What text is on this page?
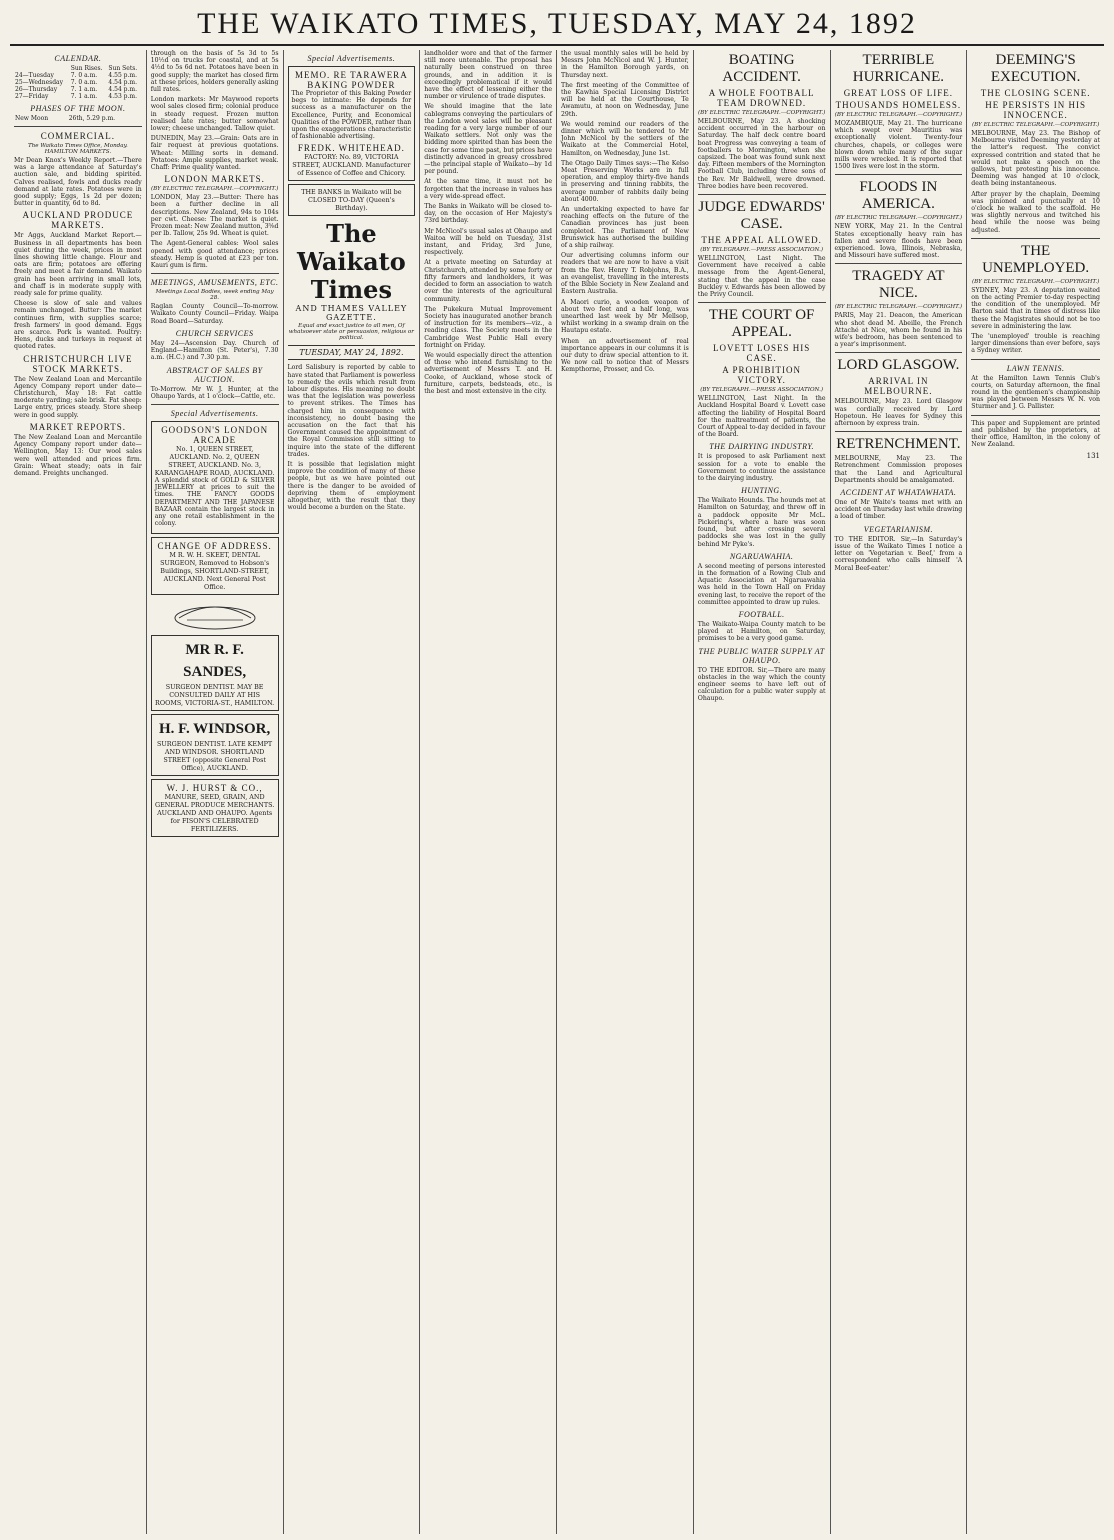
THE WAIKATO TIMES, TUESDAY, MAY 24, 1892
CALENDAR.
	Sun Rises.	Sun Sets.
24—Tuesday	7. 0 a.m.	4.55 p.m.
25—Wednesday	7. 0 a.m.	4.54 p.m.
26—Thursday	7. 1 a.m.	4.54 p.m.
27—Friday	7. 1 a.m.	4.53 p.m.
PHASES OF THE MOON.
New Moon	26th, 5.29 p.m.
COMMERCIAL.
The Waikato Times Office, Monday. HAMILTON MARKETS.

Mr Dean Knox's Weekly Report.—There was a large attendance at Saturday's auction sale, and bidding spirited. Calves realised, fowls and ducks ready demand at late rates. Potatoes were in good supply; Eggs, 1s 2d per dozen; butter in quantity, 6d to 8d.

AUCKLAND PRODUCE MARKETS.

Mr Aggs, Auckland Market Report.—Business in all departments has been quiet during the week, prices in most lines showing little change. Flour and oats are firm; potatoes are offering freely and meet a fair demand. Waikato grain has been arriving in small lots, and chaff is in moderate supply with ready sale for prime quality.

Cheese is slow of sale and values remain unchanged. Butter: The market continues firm, with supplies scarce; fresh farmers' in good demand. Eggs are scarce. Pork is wanted. Poultry: Hens, ducks and turkeys in request at quoted rates.

CHRISTCHURCH LIVE STOCK MARKETS.

The New Zealand Loan and Mercantile Agency Company report under date—Christchurch, May 18: Fat cattle moderate yarding; sale brisk. Fat sheep: Large entry, prices steady. Store sheep were in good supply.

MARKET REPORTS.

The New Zealand Loan and Mercantile Agency Company report under date—Wellington, May 13: Our wool sales were well attended and prices firm. Grain: Wheat steady; oats in fair demand. Freights unchanged.

through on the basis of 5s 3d to 5s 10½d on trucks for coastal, and at 5s 4½d to 5s 6d net. Potatoes have been in good supply; the market has closed firm at these prices, holders generally asking full rates.

London markets: Mr Maywood reports wool sales closed firm; colonial produce in steady request. Frozen mutton realised late rates; butter somewhat lower; cheese unchanged. Tallow quiet.

DUNEDIN, May 23.—Grain: Oats are in fair request at previous quotations. Wheat: Milling sorts in demand. Potatoes: Ample supplies, market weak. Chaff: Prime quality wanted.

LONDON MARKETS.
(BY ELECTRIC TELEGRAPH.—COPYRIGHT.)

LONDON, May 23.—Butter: There has been a further decline in all descriptions. New Zealand, 94s to 104s per cwt. Cheese: The market is quiet. Frozen meat: New Zealand mutton, 3⅝d per lb. Tallow, 25s 9d. Wheat is quiet.

The Agent-General cables: Wool sales opened with good attendance; prices steady. Hemp is quoted at £23 per ton. Kauri gum is firm.

MEETINGS, AMUSEMENTS, ETC.
Meetings Local Bodies, week ending May 28.

Raglan County Council—To-morrow. Waikato County Council—Friday. Waipa Road Board—Saturday.

CHURCH SERVICES

May 24—Ascension Day. Church of England—Hamilton (St. Peter's), 7.30 a.m. (H.C.) and 7.30 p.m.

ABSTRACT OF SALES BY AUCTION.

To-Morrow. Mr W. J. Hunter, at the Ohaupo Yards, at 1 o'clock—Cattle, etc.

Special Advertisements.
GOODSON'S LONDON ARCADE
No. 1, QUEEN STREET, AUCKLAND. No. 2, QUEEN STREET, AUCKLAND. No. 3, KARANGAHAPE ROAD, AUCKLAND.

A splendid stock of GOLD & SILVER JEWELLERY at prices to suit the times. THE FANCY GOODS DEPARTMENT AND THE JAPANESE BAZAAR contain the largest stock in any one retail establishment in the colony.

CHANGE OF ADDRESS.
M R. W. H. SKEET, DENTAL SURGEON, Removed to Hobson's Buildings, SHORTLAND-STREET, AUCKLAND. Next General Post Office.
MR R. F. SANDES,
SURGEON DENTIST. MAY BE CONSULTED DAILY AT HIS ROOMS, VICTORIA-ST., HAMILTON.
H. F. WINDSOR,
SURGEON DENTIST. LATE KEMPT AND WINDSOR. SHORTLAND STREET (opposite General Post Office), AUCKLAND.
W. J. HURST & CO.,
MANURE, SEED, GRAIN, AND GENERAL PRODUCE MERCHANTS. AUCKLAND AND OHAUPO. Agents for FISON'S CELEBRATED FERTILIZERS.
Special Advertisements.
MEMO. RE TARAWERA BAKING POWDER

The Proprietor of this Baking Powder begs to intimate: He depends for success as a manufacturer on the Excellence, Purity, and Economical Qualities of the POWDER, rather than upon the exaggerations characteristic of fashionable advertising.

FREDK. WHITEHEAD.
FACTORY: No. 89, VICTORIA STREET, AUCKLAND. Manufacturer of Essence of Coffee and Chicory.
THE BANKS in Waikato will be CLOSED TO-DAY (Queen's Birthday).
The Waikato Times
AND THAMES VALLEY GAZETTE.
Equal and exact justice to all men, Of whatsoever state or persuasion, religious or political.
TUESDAY, MAY 24, 1892.

Lord Salisbury is reported by cable to have stated that Parliament is powerless to remedy the evils which result from labour disputes. His meaning no doubt was that the legislation was powerless to prevent strikes. The Times has charged him in consequence with inconsistency, no doubt basing the accusation on the fact that his Government caused the appointment of the Royal Commission still sitting to inquire into the state of the different trades.

It is possible that legislation might improve the condition of many of these people, but as we have pointed out there is the danger to be avoided of depriving them of employment altogether, with the result that they would become a burden on the State.

landholder wore and that of the farmer still more untenable. The proposal has naturally been construed on three grounds, and in addition it is exceedingly problematical if it would have the effect of lessening either the number or virulence of trade disputes.

We should imagine that the late cablegrams conveying the particulars of the London wool sales will be pleasant reading for a very large number of our Waikato settlers. Not only was the bidding more spirited than has been the case for some time past, but prices have distinctly advanced in greasy crossbred—the principal staple of Waikato—by 1d per pound.

At the same time, it must not be forgotten that the increase in values has a very wide-spread effect.

The Banks in Waikato will be closed to-day, on the occasion of Her Majesty's 73rd birthday.

Mr McNicol's usual sales at Ohaupo and Waitoa will be held on Tuesday, 31st instant, and Friday, 3rd June, respectively.

At a private meeting on Saturday at Christchurch, attended by some forty or fifty farmers and landholders, it was decided to form an association to watch over the interests of the agricultural community.

The Pukekura Mutual Improvement Society has inaugurated another branch of instruction for its members—viz., a reading class. The Society meets in the Cambridge West Public Hall every fortnight on Friday.

We would especially direct the attention of those who intend furnishing to the advertisement of Messrs T. and H. Cooke, of Auckland, whose stock of furniture, carpets, bedsteads, etc., is the best and most extensive in the city.

the usual monthly sales will be held by Messrs John McNicol and W. J. Hunter, in the Hamilton Borough yards, on Thursday next.

The first meeting of the Committee of the Kawhia Special Licensing District will be held at the Courthouse, Te Awamutu, at noon on Wednesday, June 29th.

We would remind our readers of the dinner which will be tendered to Mr John McNicol by the settlers of the Waikato at the Commercial Hotel, Hamilton, on Wednesday, June 1st.

The Otago Daily Times says:—The Kelso Meat Preserving Works are in full operation, and employ thirty-five hands in preserving and tinning rabbits, the average number of rabbits daily being about 4000.

An undertaking expected to have far reaching effects on the future of the Canadian provinces has just been completed. The Parliament of New Brunswick has authorised the building of a ship railway.

Our advertising columns inform our readers that we are now to have a visit from the Rev. Henry T. Robjohns, B.A., an evangelist, travelling in the interests of the Bible Society in New Zealand and Eastern Australia.

A Maori curio, a wooden weapon of about two feet and a half long, was unearthed last week by Mr Mellsop, whilst working in a swamp drain on the Hautapu estate.

When an advertisement of real importance appears in our columns it is our duty to draw special attention to it. We now call to notice that of Messrs Kempthorne, Prosser, and Co.

BOATING ACCIDENT.
A WHOLE FOOTBALL TEAM DROWNED.
(BY ELECTRIC TELEGRAPH.—COPYRIGHT.)

MELBOURNE, May 23. A shocking accident occurred in the harbour on Saturday. The half deck centre board boat Progress was conveying a team of footballers to Mornington, when she capsized. The boat was found sunk next day. Fifteen members of the Mornington Football Club, including three sons of the Rev. Mr Baldwell, were drowned. Three bodies have been recovered.

JUDGE EDWARDS' CASE.
THE APPEAL ALLOWED.
(BY TELEGRAPH.—PRESS ASSOCIATION.)

WELLINGTON, Last Night. The Government have received a cable message from the Agent-General, stating that the appeal in the case Buckley v. Edwards has been allowed by the Privy Council.

THE COURT OF APPEAL.
LOVETT LOSES HIS CASE.
A PROHIBITION VICTORY.
(BY TELEGRAPH.—PRESS ASSOCIATION.)

WELLINGTON, Last Night. In the Auckland Hospital Board v. Lovett case affecting the liability of Hospital Board for the maltreatment of patients, the Court of Appeal to-day decided in favour of the Board.

THE DAIRYING INDUSTRY.

It is proposed to ask Parliament next session for a vote to enable the Government to continue the assistance to the dairying industry.

HUNTING.

The Waikato Hounds. The hounds met at Hamilton on Saturday, and threw off in a paddock opposite Mr McL. Pickering's, where a hare was soon found, but after crossing several paddocks she was lost in the gully behind Mr Pyke's.

NGARUAWAHIA.

A second meeting of persons interested in the formation of a Rowing Club and Aquatic Association at Ngaruawahia was held in the Town Hall on Friday evening last, to receive the report of the committee appointed to draw up rules.

FOOTBALL.

The Waikato-Waipa County match to be played at Hamilton, on Saturday, promises to be a very good game.

THE PUBLIC WATER SUPPLY AT OHAUPO.

TO THE EDITOR. Sir,—There are many obstacles in the way which the county engineer seems to have left out of calculation for a public water supply at Ohaupo.

TERRIBLE HURRICANE.
GREAT LOSS OF LIFE.
THOUSANDS HOMELESS.
(BY ELECTRIC TELEGRAPH.—COPYRIGHT.)

MOZAMBIQUE, May 21. The hurricane which swept over Mauritius was exceptionally violent. Twenty-four churches, chapels, or colleges were blown down while many of the sugar mills were wrecked. It is reported that 1500 lives were lost in the storm.

FLOODS IN AMERICA.
(BY ELECTRIC TELEGRAPH.—COPYRIGHT.)

NEW YORK, May 21. In the Central States exceptionally heavy rain has fallen and severe floods have been experienced. Iowa, Illinois, Nebraska, and Missouri have suffered most.

TRAGEDY AT NICE.
(BY ELECTRIC TELEGRAPH.—COPYRIGHT.)

PARIS, May 21. Deacon, the American who shot dead M. Abeille, the French Attaché at Nice, whom he found in his wife's bedroom, has been sentenced to a year's imprisonment.

LORD GLASGOW.
ARRIVAL IN MELBOURNE.

MELBOURNE, May 23. Lord Glasgow was cordially received by Lord Hopetoun. He leaves for Sydney this afternoon by express train.

RETRENCHMENT.

MELBOURNE, May 23. The Retrenchment Commission proposes that the Land and Agricultural Departments should be amalgamated.

ACCIDENT AT WHATAWHATA.

One of Mr Waite's teams met with an accident on Thursday last while drawing a load of timber.

VEGETARIANISM.

TO THE EDITOR. Sir,—In Saturday's issue of the Waikato Times I notice a letter on 'Vegetarian v. Beef,' from a correspondent who calls himself 'A Moral Beef-eater.'

DEEMING'S EXECUTION.
THE CLOSING SCENE.
HE PERSISTS IN HIS INNOCENCE.
(BY ELECTRIC TELEGRAPH.—COPYRIGHT.)

MELBOURNE, May 23. The Bishop of Melbourne visited Deeming yesterday at the latter's request. The convict expressed contrition and stated that he would not make a speech on the gallows, but protesting his innocence. Deeming was hanged at 10 o'clock, death being instantaneous.

After prayer by the chaplain, Deeming was pinioned and punctually at 10 o'clock he walked to the scaffold. He was slightly nervous and twitched his head while the noose was being adjusted.

THE UNEMPLOYED.
(BY ELECTRIC TELEGRAPH.—COPYRIGHT.)

SYDNEY, May 23. A deputation waited on the acting Premier to-day respecting the condition of the unemployed. Mr Barton said that in times of distress like these the Magistrates should not be too severe in administering the law.

The 'unemployed' trouble is reaching larger dimensions than ever before, says a Sydney writer.

LAWN TENNIS.

At the Hamilton Lawn Tennis Club's courts, on Saturday afternoon, the final round in the gentlemen's championship was played between Messrs W. N. von Sturmer and J. G. Pallister.

This paper and Supplement are printed and published by the proprietors, at their office, Hamilton, in the colony of New Zealand.

131
